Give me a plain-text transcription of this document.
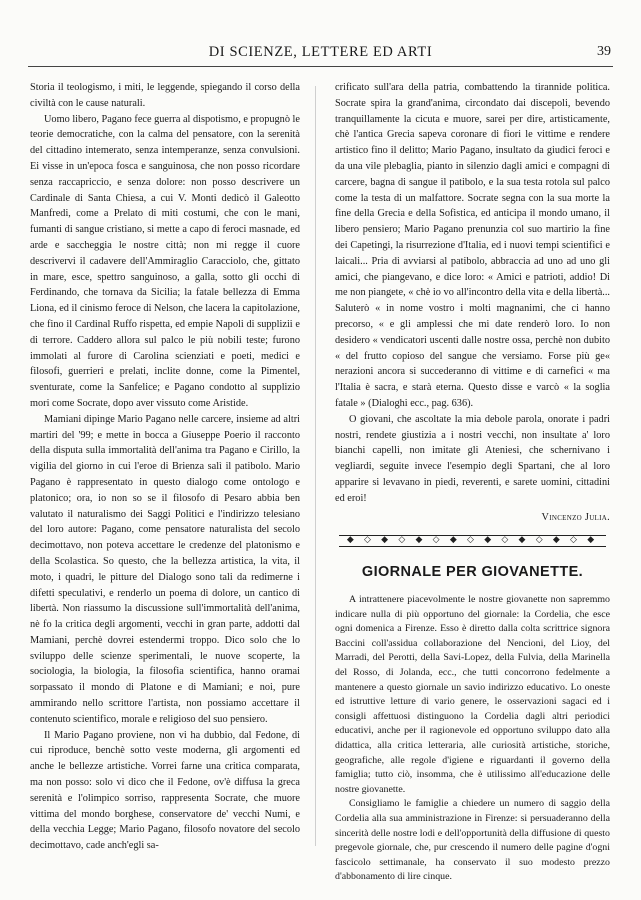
DI SCIENZE, LETTERE ED ARTI	39

Storia il teologismo, i miti, le leggende, spiegando il corso della civiltà con le cause naturali.

Uomo libero, Pagano fece guerra al dispotismo, e propugnò le teorie democratiche, con la calma del pensatore, con la serenità del cittadino intemerato, senza intemperanze, senza convulsioni. Ei visse in un'epoca fosca e sanguinosa, che non posso ricordare senza raccapriccio, e senza dolore: non posso descrivere un Cardinale di Santa Chiesa, a cui V. Monti dedicò il Galeotto Manfredi, come a Prelato di miti costumi, che con le mani, fumanti di sangue cristiano, si mette a capo di feroci masnade, ed arde e saccheggia le nostre città; non mi regge il cuore descrivervi il cadavere dell'Ammiraglio Caracciolo, che, gittato in mare, esce, spettro sanguinoso, a galla, sotto gli occhi di Ferdinando, che tornava da Sicilia; la fatale bellezza di Emma Liona, ed il cinismo feroce di Nelson, che lacera la capitolazione, che fino il Cardinal Ruffo rispetta, ed empie Napoli di supplizii e di terrore. Caddero allora sul palco le più nobili teste; furono immolati al furore di Carolina scienziati e poeti, medici e filosofi, guerrieri e prelati, inclite donne, come la Pimentel, sventurate, come la Sanfelice; e Pagano condotto al supplizio mori come Socrate, dopo aver vissuto come Aristide.

Mamiani dipinge Mario Pagano nelle carcere, insieme ad altri martiri del '99; e mette in bocca a Giuseppe Poerio il racconto della disputa sulla immortalità dell'anima tra Pagano e Cirillo, la vigilia del giorno in cui l'eroe di Brienza salì il patibolo. Mario Pagano è rappresentato in questo dialogo come ontologo e platonico; ora, io non so se il filosofo di Pesaro abbia ben valutato il naturalismo dei Saggi Politici e l'indirizzo telesiano del loro autore: Pagano, come pensatore naturalista del secolo decimottavo, non poteva accettare le credenze del platonismo e della Scolastica. So questo, che la bellezza artistica, la vita, il moto, i quadri, le pitture del Dialogo sono tali da redimerne i difetti speculativi, e renderlo un poema di dolore, un cantico di libertà. Non riassumo la discussione sull'immortalità dell'anima, nè fo la critica degli argomenti, vecchi in gran parte, addotti dal Mamiani, perchè dovrei estendermi troppo. Dico solo che lo sviluppo delle scienze sperimentali, le nuove scoperte, la sociologia, la biologia, la filosofia scientifica, hanno oramai sorpassato il mondo di Platone e di Mamiani; e noi, pure ammirando nello scrittore l'artista, non possiamo accettare il contenuto scientifico, morale e religioso del suo pensiero.

Il Mario Pagano proviene, non vi ha dubbio, dal Fedone, di cui riproduce, benchè sotto veste moderna, gli argomenti ed anche le bellezze artistiche. Vorrei farne una critica comparata, ma non posso: solo vi dico che il Fedone, ov'è diffusa la greca serenità e l'olimpico sorriso, rappresenta Socrate, che muore vittima del mondo borghese, conservatore de' vecchi Numi, e della vecchia Legge; Mario Pagano, filosofo novatore del secolo decimottavo, cade anch'egli sa-

crificato sull'ara della patria, combattendo la tirannide politica. Socrate spira la grand'anima, circondato dai discepoli, bevendo tranquillamente la cicuta e muore, sarei per dire, artisticamente, chè l'antica Grecia sapeva coronare di fiori le vittime e rendere artistico fino il delitto; Mario Pagano, insultato da giudici feroci e da una vile plebaglia, pianto in silenzio dagli amici e compagni di carcere, bagna di sangue il patibolo, e la sua testa rotola sul palco come la testa di un malfattore. Socrate segna con la sua morte la fine della Grecia e della Sofistica, ed anticipa il mondo umano, il libero pensiero; Mario Pagano prenunzia col suo martirio la fine dei Capetingi, la risurrezione d'Italia, ed i nuovi tempi scientifici e laicali... Pria di avviarsi al patibolo, abbraccia ad uno ad uno gli amici, che piangevano, e dice loro: « Amici e patrioti, addio! Di me non piangete, « chè io vo all'incontro della vita e della libertà... Saluterò « in nome vostro i molti magnanimi, che ci hanno precorso, « e gli amplessi che mi date renderò loro. Io non desidero « vendicatori uscenti dalle nostre ossa, perchè non dubito « del frutto copioso del sangue che versiamo. Forse più ge« nerazioni ancora si succederanno di vittime e di carnefici « ma l'Italia è sacra, e starà eterna. Questo disse e varcò « la soglia fatale » (Dialoghi ecc., pag. 636).

O giovani, che ascoltate la mia debole parola, onorate i padri nostri, rendete giustizia a i nostri vecchi, non insultate a' loro bianchi capelli, non imitate gli Ateniesi, che schernivano i vegliardi, seguite invece l'esempio degli Spartani, che al loro apparire si levavano in piedi, reverenti, e sarete uomini, cittadini ed eroi!

Vincenzo Julia.

◆ ◇ ◆ ◇ ◆ ◇ ◆ ◇ ◆ ◇ ◆ ◇ ◆ ◇ ◆
GIORNALE PER GIOVANETTE.

A intrattenere piacevolmente le nostre giovanette non sapremmo indicare nulla di più opportuno del giornale: la Cordelia, che esce ogni domenica a Firenze. Esso è diretto dalla colta scrittrice signora Baccini coll'assidua collaborazione del Nencioni, del Lioy, del Marradi, del Perotti, della Savi-Lopez, della Fulvia, della Marinella del Rosso, di Jolanda, ecc., che tutti concorrono fedelmente a mantenere a questo giornale un savio indirizzo educativo. Lo oneste ed istruttive letture di vario genere, le osservazioni sagaci ed i consigli affettuosi distinguono la Cordelia dagli altri periodici educativi, anche per il ragionevole ed opportuno sviluppo dato alla didattica, alla critica letteraria, alle curiosità artistiche, storiche, geografiche, alle regole d'igiene e riguardanti il governo della famiglia; tutto ciò, insomma, che è utilissimo all'educazione delle nostre giovanette.

Consigliamo le famiglie a chiedere un numero di saggio della Cordelia alla sua amministrazione in Firenze: si persuaderanno della sincerità delle nostre lodi e dell'opportunità della diffusione di questo pregevole giornale, che, pur crescendo il numero delle pagine d'ogni fascicolo settimanale, ha conservato il suo modesto prezzo d'abbonamento di lire cinque.
